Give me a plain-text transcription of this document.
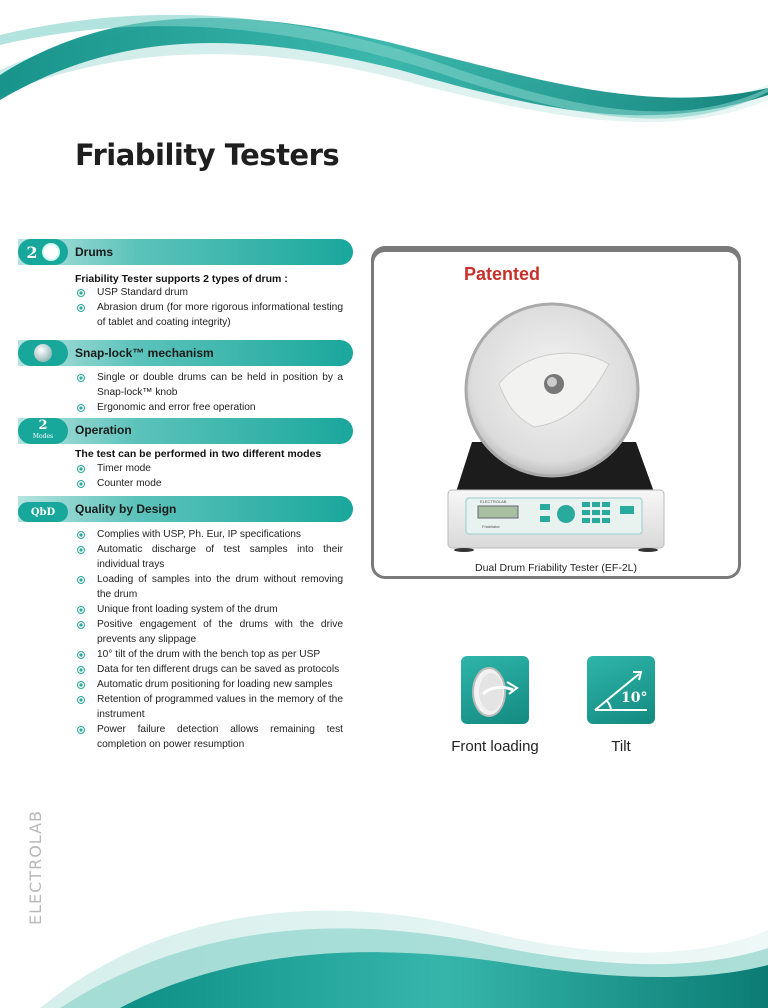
Friability Testers
2	Drums
Friability Tester supports 2 types of drum :
USP Standard drum
Abrasion drum (for more rigorous informational testing of tablet and coating integrity)
Snap-lock™ mechanism
Single or double drums can be held in position by a Snap-lock™ knob
Ergonomic and error free operation
2
Modes Operation
The test can be performed in two different modes
Timer mode
Counter mode
QbD	Quality by Design
Complies with USP, Ph. Eur, IP specifications
Automatic discharge of test samples into their individual trays
Loading of samples into the drum without removing the drum
Unique front loading system of the drum
Positive engagement of the drums with the drive prevents any slippage
10° tilt of the drum with the bench top as per USP
Data for ten different drugs can be saved as protocols
Automatic drum positioning for loading new samples
Retention of programmed values in the memory of the instrument
Power failure detection allows remaining test completion on power resumption
Patented
ELECTROLAB
Friabilator
Dual Drum Friability Tester (EF-2L)
Front loading
10°
Tilt
ELECTROLAB
